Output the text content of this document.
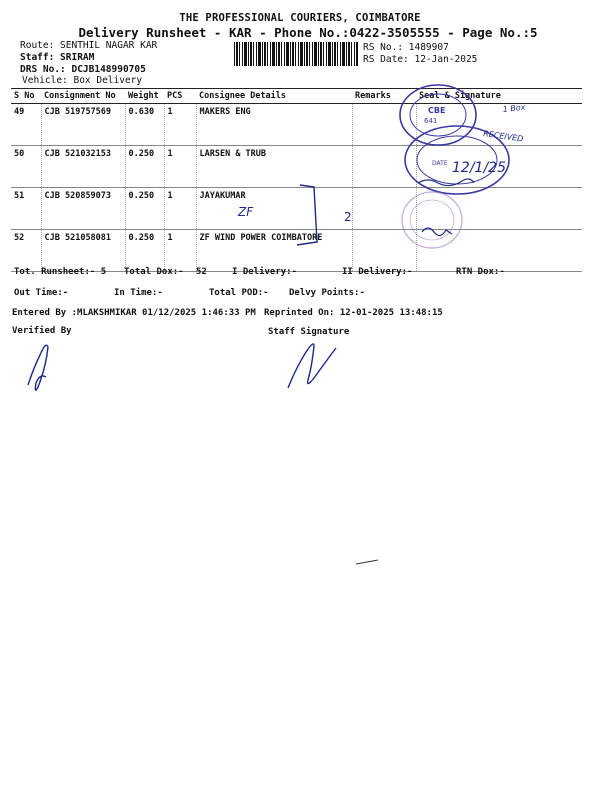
THE PROFESSIONAL COURIERS, COIMBATORE
Delivery Runsheet - KAR - Phone No.:0422-3505555 - Page No.:5
Route: SENTHIL NAGAR KAR
Staff: SRIRAM
DRS No.: DCJB148990705
Vehicle: Box Delivery
RS No.: 1489907
RS Date: 12-Jan-2025
S No	Consignment No	Weight	PCS	Consignee Details	Remarks	Seal & Signature
49	CJB 519757569	0.630	1	MAKERS ENG		
50	CJB 521032153	0.250	1	LARSEN & TRUB		
51	CJB 520859073	0.250	1	JAYAKUMAR		
52	CJB 521058081	0.250	1	ZF WIND POWER COIMBATORE		
Tot. Runsheet:- 5 Total Dox:- 52	I Delivery:-	II Delivery:-	RTN Dox:-
Out Time:-	In Time:-	Total POD:- Delvy Points:-
Entered By :MLAKSHMIKAR 01/12/2025 1:46:33 PM Reprinted On: 12-01-2025 13:48:15
Verified By	Staff Signature
CBE
641
DATE 12/1/25
RECEIVED
1 Box
ZF	2
